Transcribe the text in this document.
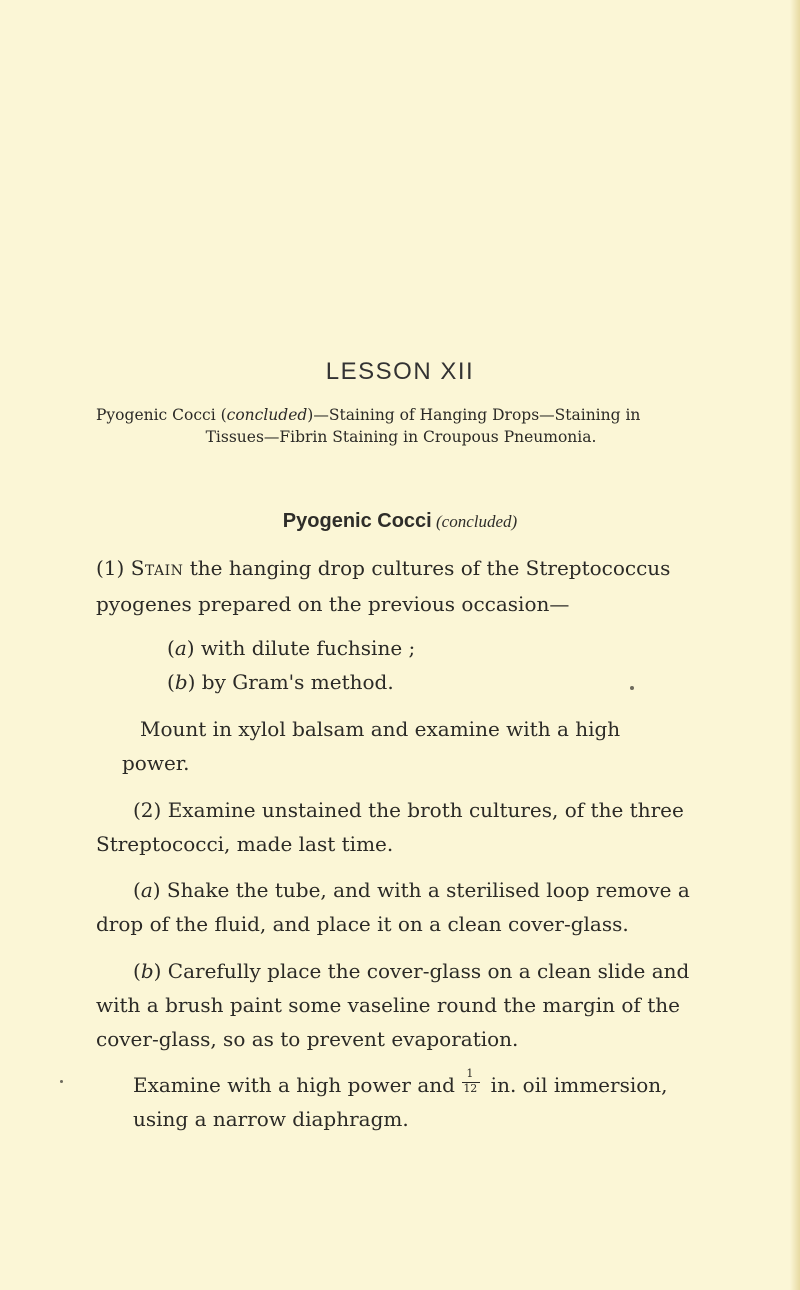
LESSON XII
Pyogenic Cocci (concluded)—Staining of Hanging Drops—Staining in
Tissues—Fibrin Staining in Croupous Pneumonia.
Pyogenic Cocci (concluded)
(1) Stain the hanging drop cultures of the Streptococcus
pyogenes prepared on the previous occasion—
(a) with dilute fuchsine ;
(b) by Gram's method.
Mount in xylol balsam and examine with a high
power.
(2) Examine unstained the broth cultures, of the three
Streptococci, made last time.
(a) Shake the tube, and with a sterilised loop remove a
drop of the fluid, and place it on a clean cover-glass.
(b) Carefully place the cover-glass on a clean slide and
with a brush paint some vaseline round the margin of the
cover-glass, so as to prevent evaporation.
Examine with a high power and $\frac{1}{12}$ in. oil immersion,
using a narrow diaphragm.
